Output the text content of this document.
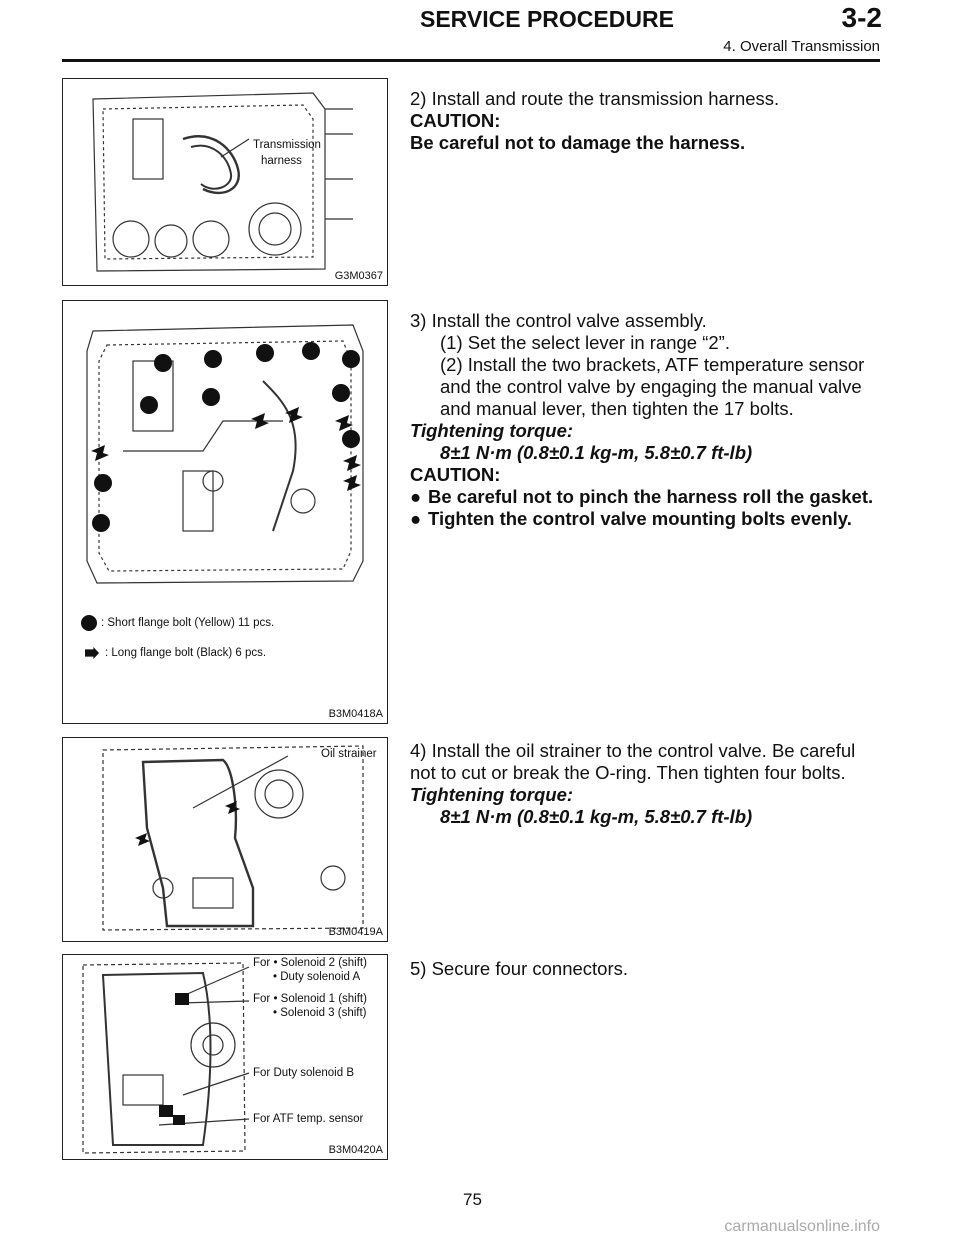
SERVICE PROCEDURE	3-2
4. Overall Transmission
Transmission
harness
G3M0367

2) Install and route the transmission harness.

CAUTION:

Be careful not to damage the harness.

: Short flange bolt (Yellow) 11 pcs.
: Long flange bolt (Black) 6 pcs.
B3M0418A

3) Install the control valve assembly.

(1) Set the select lever in range “2”.

(2) Install the two brackets, ATF temperature sensor and the control valve by engaging the manual valve and manual lever, then tighten the 17 bolts.

Tightening torque:

8±1 N·m (0.8±0.1 kg-m, 5.8±0.7 ft-lb)

CAUTION:

● Be careful not to pinch the harness roll the gasket.
● Tighten the control valve mounting bolts evenly.
Oil strainer
B3M0419A

4) Install the oil strainer to the control valve. Be careful not to cut or break the O-ring. Then tighten four bolts.

Tightening torque:

8±1 N·m (0.8±0.1 kg-m, 5.8±0.7 ft-lb)

For • Solenoid 2 (shift)
• Duty solenoid A
For • Solenoid 1 (shift)
• Solenoid 3 (shift)
For Duty solenoid B
For ATF temp. sensor
B3M0420A

5) Secure four connectors.

75
carmanualsonline.info
